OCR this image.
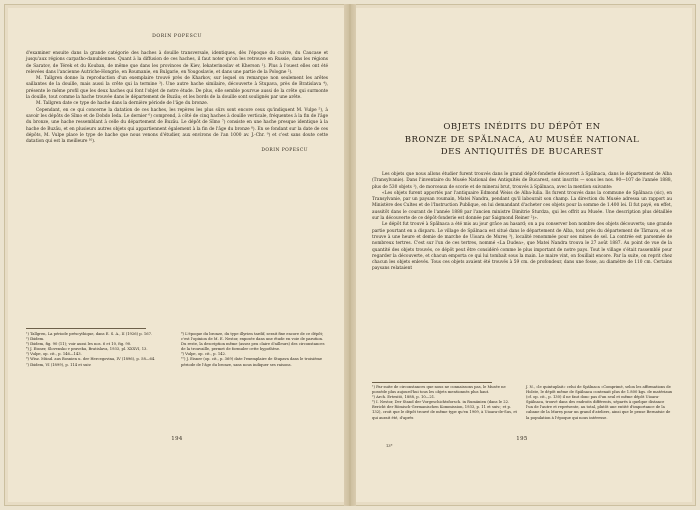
DORIN POPESCU

d'examiner ensuite dans la grande catégorie des haches à douille transversale, identiques, dès l'époque du cuivre, du Caucase et jusqu'aux régions carpatho-danubiennes. Quant à la diffusion de ces haches, il faut noter qu'on les retrouve en Russie, dans les régions de Saratov, de Térek et du Kouban, de même que dans les provinces de Kiev, Iekaterinoslav et Kherson ¹). Plus à l'ouest elles ont été relevées dans l'ancienne Autriche-Hongrie, en Roumanie, en Bulgarie, en Yougoslavie, et dans une partie de la Pologne ²).

M. Tallgren donne la reproduction d'un exemplaire trouvé près de Kharkov, sur lequel on remarque non seulement les arêtes saillantes de la douille, mais aussi la crête qui la termine ³). Une autre hache similaire, découverte à Stupava, près de Bratislava ⁴), présente le même profil que les deux haches qui font l'objet de notre étude. De plus, elle semble pourvue aussi de la crête qui surmonte la douille, tout comme la hache trouvée dans le département de Buzău; et les bords de la douille sont soulignés par une arête.

M. Tallgren date ce type de hache dans la dernière période de l'âge du bronze.

Cependant, en ce qui concerne la datation de ces haches, les repères les plus sûrs sont encore ceux qu'indiquent M. Vulpe ⁵), à savoir les dépôts de Sîmo et de Dobdo Ieda. Le dernier ⁶) comprend, à côté de cinq haches à douille verticale, fréquentes à la fin de l'âge du bronze, une hache ressemblant à celle du département de Buzău. Le dépôt de Sîmo ⁷) consiste en une hache presque identique à la hache de Buzău, et en plusieurs autres objets qui appartiennent également à la fin de l'âge du bronze ⁸). En se fondant sur la date de ces dépôts, M. Vulpe place le type de hache que nous venons d'étudier, aux environs de l'an 1000 av. J.-Chr. ⁹) et c'est sans doute cette datation qui est la meilleure ¹⁰).

DORIN POPESCU
¹) Tallgren, La période préscythique, dans E. S. A., II (1926) p. 167.
²) Ibidem.
³) Ibidem, fig. 90 (11); voir aussi les nos. 6 et 10, fig. 90.
⁴) J. Eisner, Slovensko v praveku, Bratislava, 1933, pl. XXXVI, 13.
⁵) Vulpe, op. cit., p. 146—143.
⁶) Wisz. Münd. aus Bosnien u. der Hercegovina, IV (1896), p. 58—64.
⁷) Ibidem, VI (1899), p. 114 et suiv.
⁸) L'époque du bronze, du type illyrien tardif, serait fixe encore de ce dépôt; c'est l'opinion de M. E. Nestor, exposée dans une étude en voie de parution. Du reste, la description même (assez peu claire d'ailleurs) des circonstances de la trouvaille, permet de formuler cette hypothèse.
⁹) Vulpe, op. cit., p. 142.
¹⁰) J. Eisner (op. cit., p. 369) date l'exemplaire de Stupava dans le troisième période de l'âge du bronze, sans nous indiquer ses raisons.
194
OBJETS INÉDITS DU DÉPÔT EN
BRONZE DE SPĂLNACA, AU MUSÉE NATIONAL
DES ANTIQUITÉS DE BUCAREST

Les objets que nous allons étudier furent trouvés dans le grand dépôt-fonderie découvert à Spălnaca, dans le département de Alba (Transylvanie). Dans l'inventaire du Musée National des Antiquités de Bucarest, sont inscrits — sous les nos. 90—107 de l'année 1888, plus de 530 objets ¹), de morceaux de scorie et de minerai brut, trouvés à Spălnaca, avec la mention suivante:

«Les objets furent apportés par l'antiquaire Edmond Weiss de Alba-Iulia. Ils furent trouvés dans la commune de Spălnaca (sic), en Transylvanie, par un paysan roumain, Matei Nandra, pendant qu'il labourait son champ. La direction du Musée adressa un rapport au Ministère des Cultes et de l'Instruction Publique, en lui demandant d'acheter ces objets pour la somme de 1.400 lei. Il fut payé, en effet, aussitôt dans le courant de l'année 1888 par l'ancien ministre Dimitrie Sturdza, qui les offrit au Musée. Une description plus détaillée sur la découverte de ce dépôt-fonderie est donnée par Saigmond Reiner ²)».

Le dépôt fut trouvé à Spălnaca a été mis au jour grâce au hasard; on a pu conserver bon nombre des objets découverts; une grande partie pourtant en a disparu. Le village de Spălnaca est situé dans le département de Alba, tout près du département de Târnava, et se trouve à une heure et demie de marche de Uioara de Mureș ³), localité renommée pour ses mines de sel. La contrée est parsemée de nombreux tertres. C'est sur l'un de ces tertres, nommé «La Dudea», que Matei Nandra trouva le 27 août 1887. Au point de vue de la quantité des objets trouvés, ce dépôt peut être considéré comme le plus important de notre pays. Tout le village s'était rassemblé pour regarder la découverte, et chacun emporta ce qui lui tombait sous la main. Le maire vint, on fouillait encore. Par la suite, on reprit chez chacun les objets enlevés. Tous ces objets avaient été trouvés à 59 cm. de profondeur, dans une fosse, au diamètre de 110 cm. Certains paysans relataient

¹) Par suite de circonstances que nous ne connaissons pas, le Musée ne possède plus aujourd'hui tous les objets mentionnés plus haut.
²) Arch. Ertesitö, 1888, p. 10—21.
³) I. Nestor, Der Stand der Vorgeschichtsforsch. in Rumänien (dans le 22. Bericht der Römisch-Germanischen Kommission, 1933, p. 11 et suiv.; et p. 132), croit que le dépôt trouvé de même type qu'en 1909, à Uioara-de-Sus, et qui aurait été, d'après
J. N., «le quintuplait» celui de Spălnaca «Comprimé, selon les affirmations de Holste, le dépôt même de Spălnaca contenait plus de 1.800 kgs. de matériaux (cf. op. cit., p. 130) il ne faut donc pas d'un seul et même dépôt Uioara-Spălnaca, trouvé dans des endroits différents, séparés à quelque distance l'un de l'autre et représente, au total, plutôt une entité d'importance de la cabane de la Mureș pour un grand d'ateliers, ainsi que le pense Bernatsie de la population à l'époque qui nous intéresse.
13*
195
